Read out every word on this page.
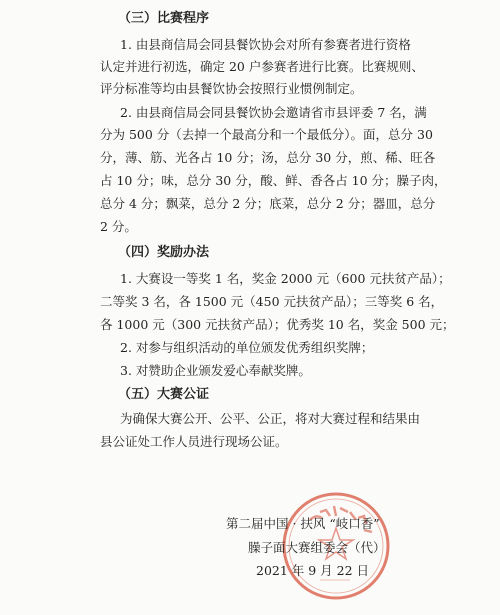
（三）比赛程序
1. 由县商信局会同县餐饮协会对所有参赛者进行资格
认定并进行初选，确定 20 户参赛者进行比赛。比赛规则、
评分标准等均由县餐饮协会按照行业惯例制定。
2. 由县商信局会同县餐饮协会邀请省市县评委 7 名，满
分为 500 分（去掉一个最高分和一个最低分）。面，总分 30
分，薄、筋、光各占 10 分；汤，总分 30 分，煎、稀、旺各
占 10 分；味，总分 30 分，酸、鲜、香各占 10 分；臊子肉，
总分 4 分；飘菜，总分 2 分；底菜，总分 2 分；器皿，总分
2 分。
（四）奖励办法
1. 大赛设一等奖 1 名，奖金 2000 元（600 元扶贫产品）；
二等奖 3 名，各 1500 元（450 元扶贫产品）；三等奖 6 名，
各 1000 元（300 元扶贫产品）；优秀奖 10 名，奖金 500 元；
2. 对参与组织活动的单位颁发优秀组织奖牌；
3. 对赞助企业颁发爱心奉献奖牌。
（五）大赛公证
为确保大赛公开、公平、公正，将对大赛过程和结果由
县公证处工作人员进行现场公证。
第二届中国 · 扶风 “岐口香”
臊子面大赛组委会（代）
2021 年 9 月 22 日
